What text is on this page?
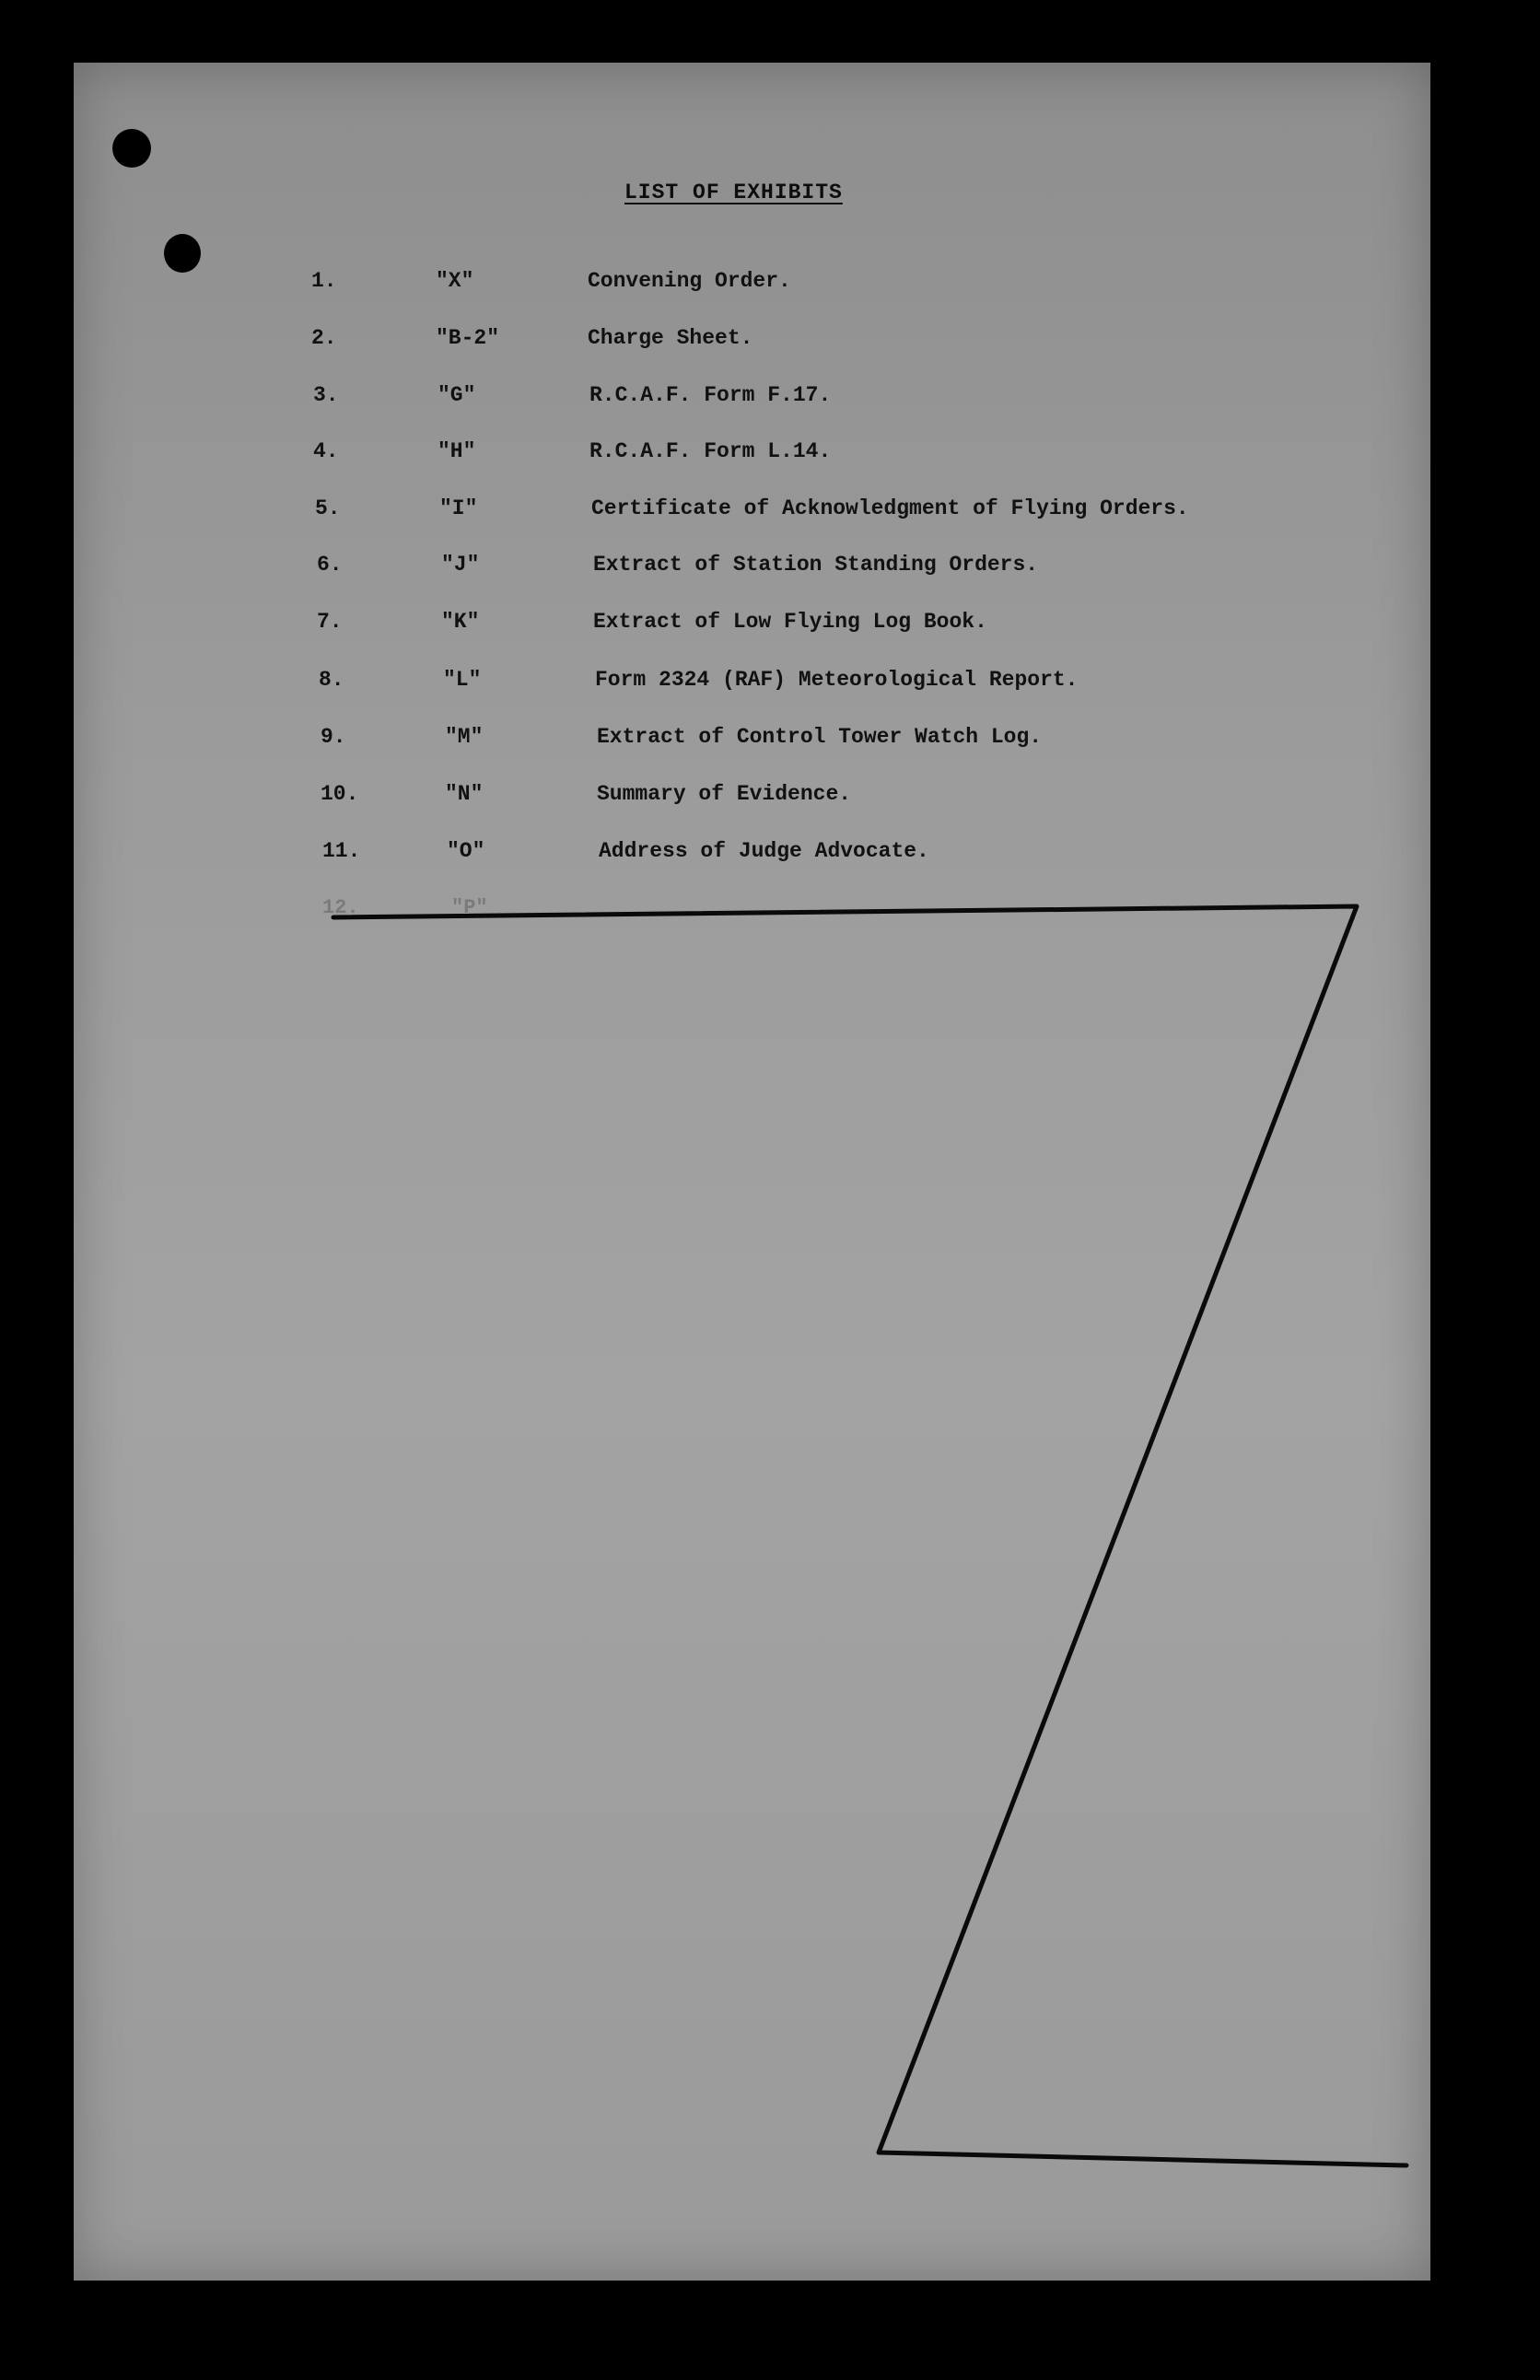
LIST OF EXHIBITS
1.	"X"	Convening Order.
2.	"B-2"	Charge Sheet.
3.	"G"	R.C.A.F. Form F.17.
4.	"H"	R.C.A.F. Form L.14.
5.	"I"	Certificate of Acknowledgment of Flying Orders.
6.	"J"	Extract of Station Standing Orders.
7.	"K"	Extract of Low Flying Log Book.
8.	"L"	Form 2324 (RAF) Meteorological Report.
9.	"M"	Extract of Control Tower Watch Log.
10.	"N"	Summary of Evidence.
11.	"O"	Address of Judge Advocate.
12.	"P"
